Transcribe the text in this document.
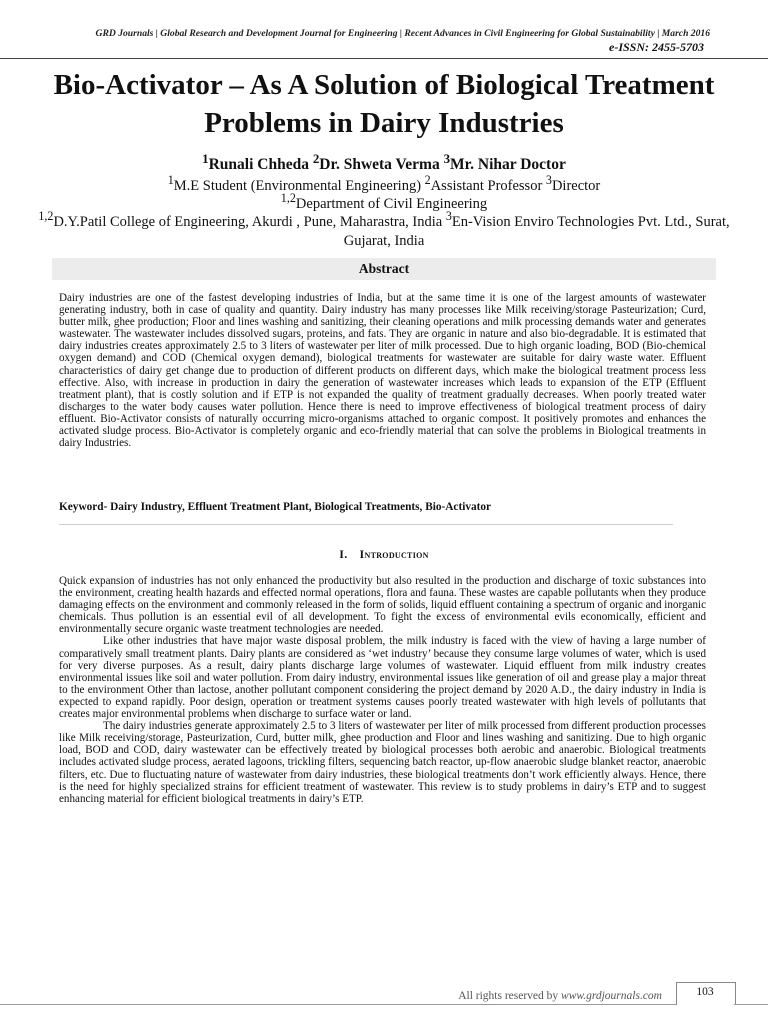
GRD Journals | Global Research and Development Journal for Engineering | Recent Advances in Civil Engineering for Global Sustainability | March 2016
e-ISSN: 2455-5703
Bio-Activator – As A Solution of Biological Treatment Problems in Dairy Industries
$^1$Runali Chheda $^2$Dr. Shweta Verma $^3$Mr. Nihar Doctor
$^1$M.E Student (Environmental Engineering) $^2$Assistant Professor $^3$Director
$^{1,2}$Department of Civil Engineering
$^{1,2}$D.Y.Patil College of Engineering, Akurdi , Pune, Maharastra, India $^3$En-Vision Enviro Technologies Pvt. Ltd., Surat, Gujarat, India
Abstract

Dairy industries are one of the fastest developing industries of India, but at the same time it is one of the largest amounts of wastewater generating industry, both in case of quality and quantity. Dairy industry has many processes like Milk receiving/storage Pasteurization; Curd, butter milk, ghee production; Floor and lines washing and sanitizing, their cleaning operations and milk processing demands water and generates wastewater. The wastewater includes dissolved sugars, proteins, and fats. They are organic in nature and also bio-degradable. It is estimated that dairy industries creates approximately 2.5 to 3 liters of wastewater per liter of milk processed. Due to high organic loading, BOD (Bio-chemical oxygen demand) and COD (Chemical oxygen demand), biological treatments for wastewater are suitable for dairy waste water. Effluent characteristics of dairy get change due to production of different products on different days, which make the biological treatment process less effective. Also, with increase in production in dairy the generation of wastewater increases which leads to expansion of the ETP (Effluent treatment plant), that is costly solution and if ETP is not expanded the quality of treatment gradually decreases. When poorly treated water discharges to the water body causes water pollution. Hence there is need to improve effectiveness of biological treatment process of dairy effluent. Bio-Activator consists of naturally occurring micro-organisms attached to organic compost. It positively promotes and enhances the activated sludge process. Bio-Activator is completely organic and eco-friendly material that can solve the problems in Biological treatments in dairy Industries.

Keyword- Dairy Industry, Effluent Treatment Plant, Biological Treatments, Bio-Activator
I. Introduction

Quick expansion of industries has not only enhanced the productivity but also resulted in the production and discharge of toxic substances into the environment, creating health hazards and effected normal operations, flora and fauna. These wastes are capable pollutants when they produce damaging effects on the environment and commonly released in the form of solids, liquid effluent containing a spectrum of organic and inorganic chemicals. Thus pollution is an essential evil of all development. To fight the excess of environmental evils economically, efficient and environmentally secure organic waste treatment technologies are needed.

Like other industries that have major waste disposal problem, the milk industry is faced with the view of having a large number of comparatively small treatment plants. Dairy plants are considered as ‘wet industry’ because they consume large volumes of water, which is used for very diverse purposes. As a result, dairy plants discharge large volumes of wastewater. Liquid effluent from milk industry creates environmental issues like soil and water pollution. From dairy industry, environmental issues like generation of oil and grease play a major threat to the environment Other than lactose, another pollutant component considering the project demand by 2020 A.D., the dairy industry in India is expected to expand rapidly. Poor design, operation or treatment systems causes poorly treated wastewater with high levels of pollutants that creates major environmental problems when discharge to surface water or land.

The dairy industries generate approximately 2.5 to 3 liters of wastewater per liter of milk processed from different production processes like Milk receiving/storage, Pasteurization, Curd, butter milk, ghee production and Floor and lines washing and sanitizing. Due to high organic load, BOD and COD, dairy wastewater can be effectively treated by biological processes both aerobic and anaerobic. Biological treatments includes activated sludge process, aerated lagoons, trickling filters, sequencing batch reactor, up-flow anaerobic sludge blanket reactor, anaerobic filters, etc. Due to fluctuating nature of wastewater from dairy industries, these biological treatments don’t work efficiently always. Hence, there is the need for highly specialized strains for efficient treatment of wastewater. This review is to study problems in dairy’s ETP and to suggest enhancing material for efficient biological treatments in dairy’s ETP.

All rights reserved by www.grdjournals.com	103
